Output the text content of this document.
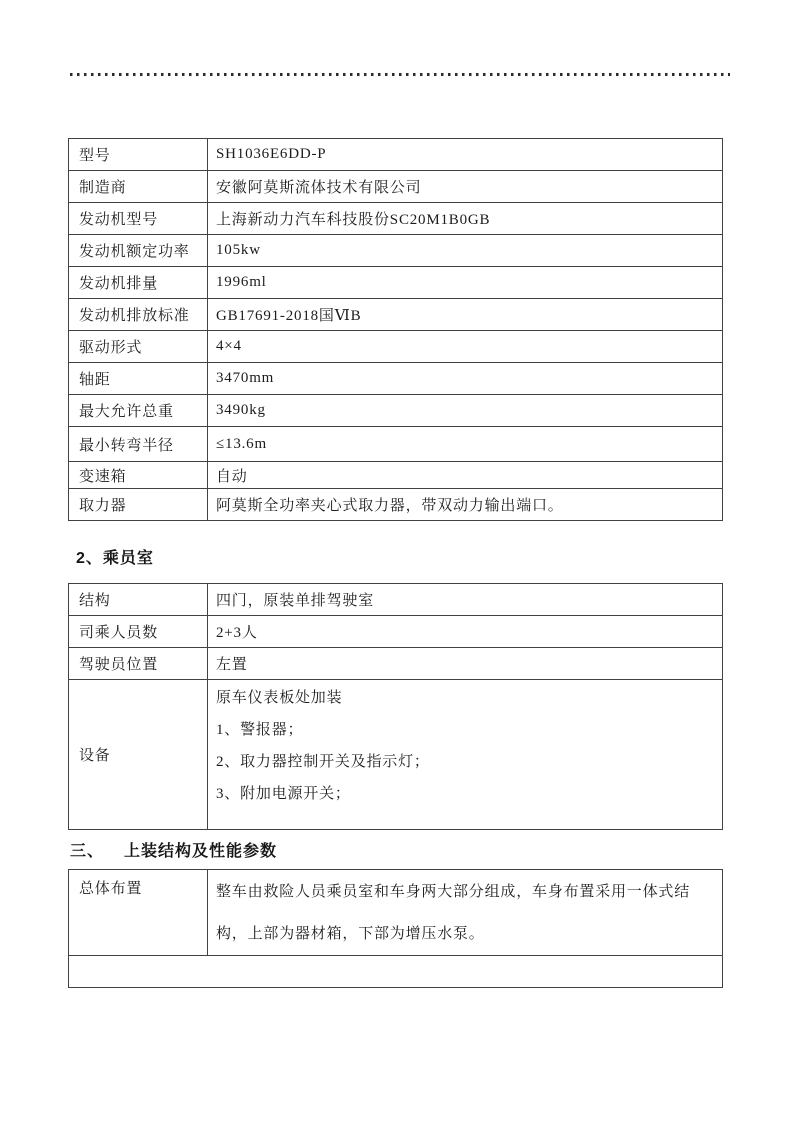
型号	SH1036E6DD-P
制造商	安徽阿莫斯流体技术有限公司
发动机型号	上海新动力汽车科技股份SC20M1B0GB
发动机额定功率	105kw
发动机排量	1996ml
发动机排放标准	GB17691-2018国ⅥB
驱动形式	4×4
轴距	3470mm
最大允许总重	3490kg
最小转弯半径	≤13.6m
变速箱	自动
取力器	阿莫斯全功率夹心式取力器，带双动力输出端口。
2、乘员室
结构	四门，原装单排驾驶室
司乘人员数	2+3人
驾驶员位置	左置
设备	原车仪表板处加装
1、警报器；
2、取力器控制开关及指示灯；
3、附加电源开关；
三、 上装结构及性能参数
总体布置	整车由救险人员乘员室和车身两大部分组成，车身布置采用一体式结构，上部为器材箱，下部为增压水泵。
